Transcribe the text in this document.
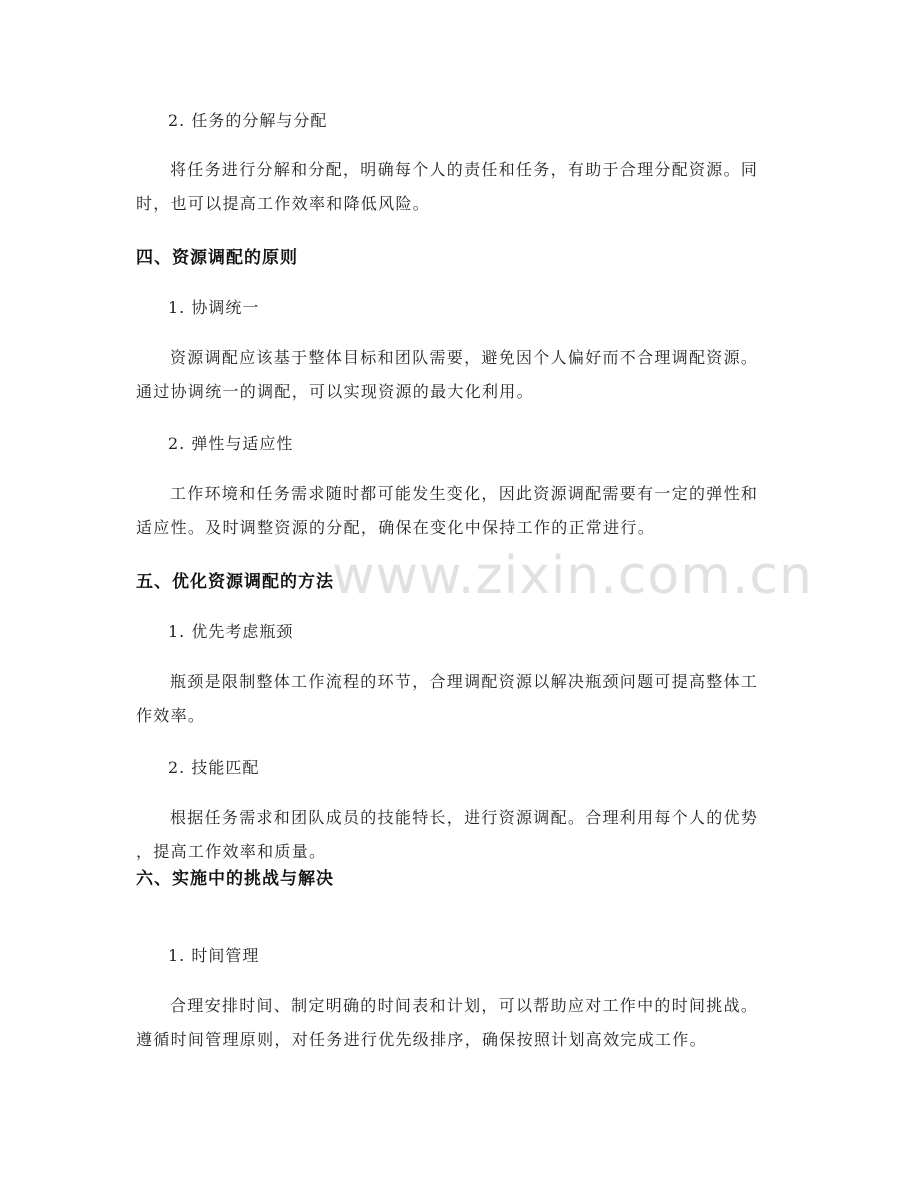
2. 任务的分解与分配
将任务进行分解和分配，明确每个人的责任和任务，有助于合理分配资源。同
时，也可以提高工作效率和降低风险。
四、资源调配的原则
1. 协调统一
资源调配应该基于整体目标和团队需要，避免因个人偏好而不合理调配资源。
通过协调统一的调配，可以实现资源的最大化利用。
2. 弹性与适应性
工作环境和任务需求随时都可能发生变化，因此资源调配需要有一定的弹性和
适应性。及时调整资源的分配，确保在变化中保持工作的正常进行。
五、优化资源调配的方法
1. 优先考虑瓶颈
瓶颈是限制整体工作流程的环节，合理调配资源以解决瓶颈问题可提高整体工
作效率。
2. 技能匹配
根据任务需求和团队成员的技能特长，进行资源调配。合理利用每个人的优势
，提高工作效率和质量。
六、实施中的挑战与解决
1. 时间管理
合理安排时间、制定明确的时间表和计划，可以帮助应对工作中的时间挑战。
遵循时间管理原则，对任务进行优先级排序，确保按照计划高效完成工作。
www.zixin.com.cn
